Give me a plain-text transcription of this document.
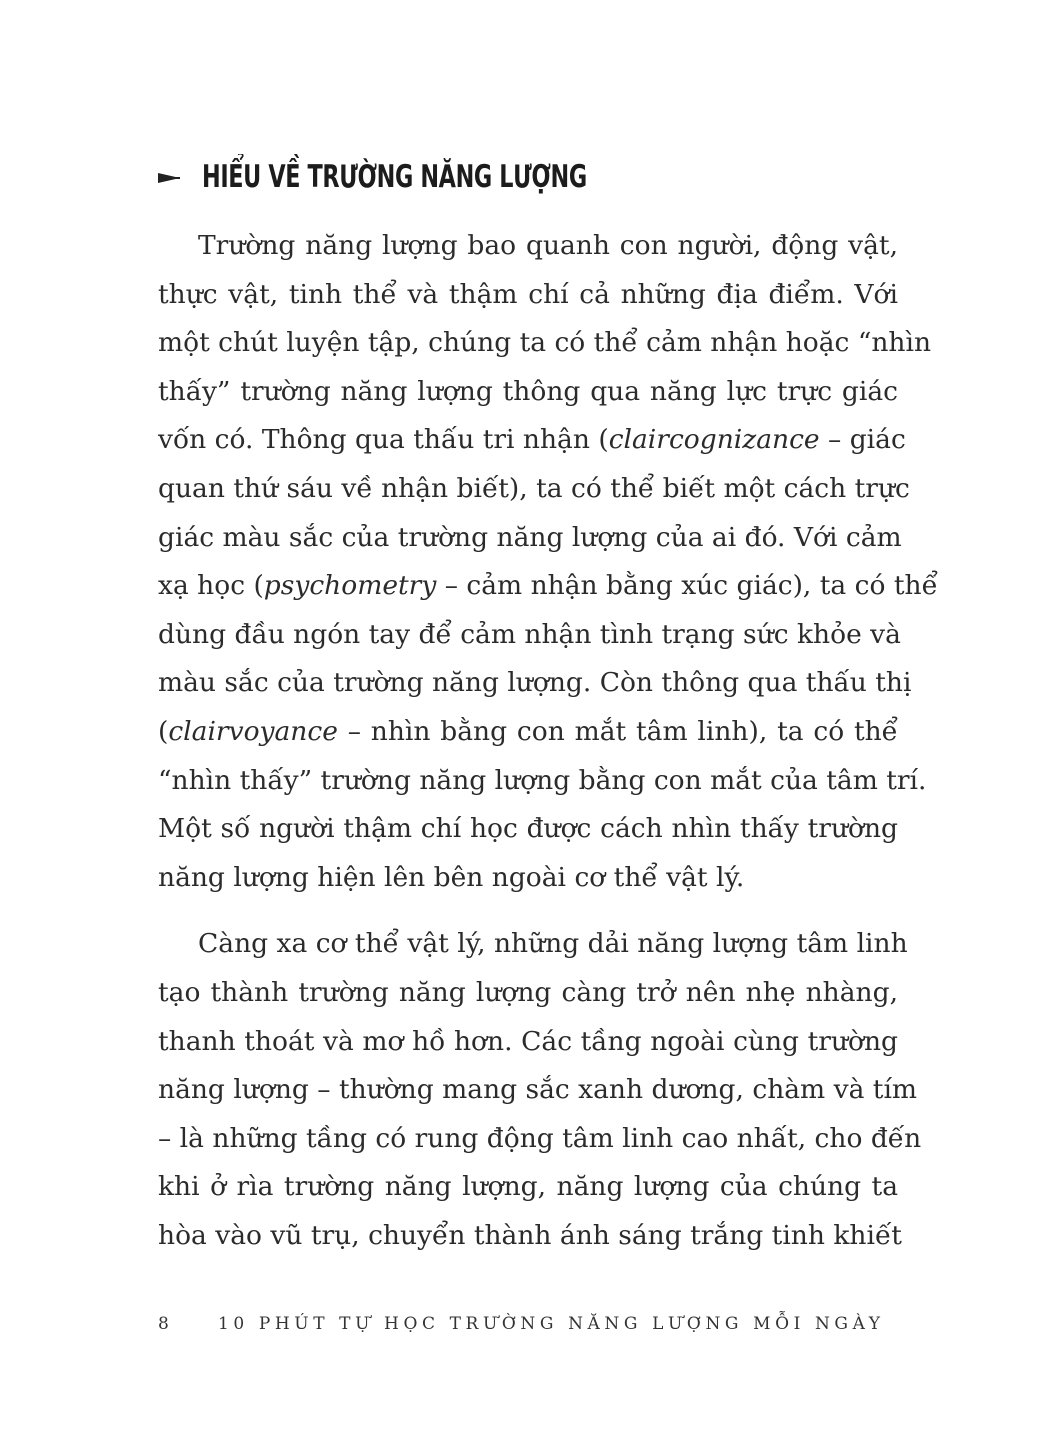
HIỂU VỀ TRƯỜNG NĂNG LƯỢNG
Trường năng lượng bao quanh con người, động vật,
thực vật, tinh thể và thậm chí cả những địa điểm. Với
một chút luyện tập, chúng ta có thể cảm nhận hoặc “nhìn
thấy” trường năng lượng thông qua năng lực trực giác
vốn có. Thông qua thấu tri nhận (claircognizance – giác
quan thứ sáu về nhận biết), ta có thể biết một cách trực
giác màu sắc của trường năng lượng của ai đó. Với cảm
xạ học (psychometry – cảm nhận bằng xúc giác), ta có thể
dùng đầu ngón tay để cảm nhận tình trạng sức khỏe và
màu sắc của trường năng lượng. Còn thông qua thấu thị
(clairvoyance – nhìn bằng con mắt tâm linh), ta có thể
“nhìn thấy” trường năng lượng bằng con mắt của tâm trí.
Một số người thậm chí học được cách nhìn thấy trường
năng lượng hiện lên bên ngoài cơ thể vật lý.
Càng xa cơ thể vật lý, những dải năng lượng tâm linh
tạo thành trường năng lượng càng trở nên nhẹ nhàng,
thanh thoát và mơ hồ hơn. Các tầng ngoài cùng trường
năng lượng – thường mang sắc xanh dương, chàm và tím
– là những tầng có rung động tâm linh cao nhất, cho đến
khi ở rìa trường năng lượng, năng lượng của chúng ta
hòa vào vũ trụ, chuyển thành ánh sáng trắng tinh khiết
8	10 PHÚT TỰ HỌC TRƯỜNG NĂNG LƯỢNG MỖI NGÀY
